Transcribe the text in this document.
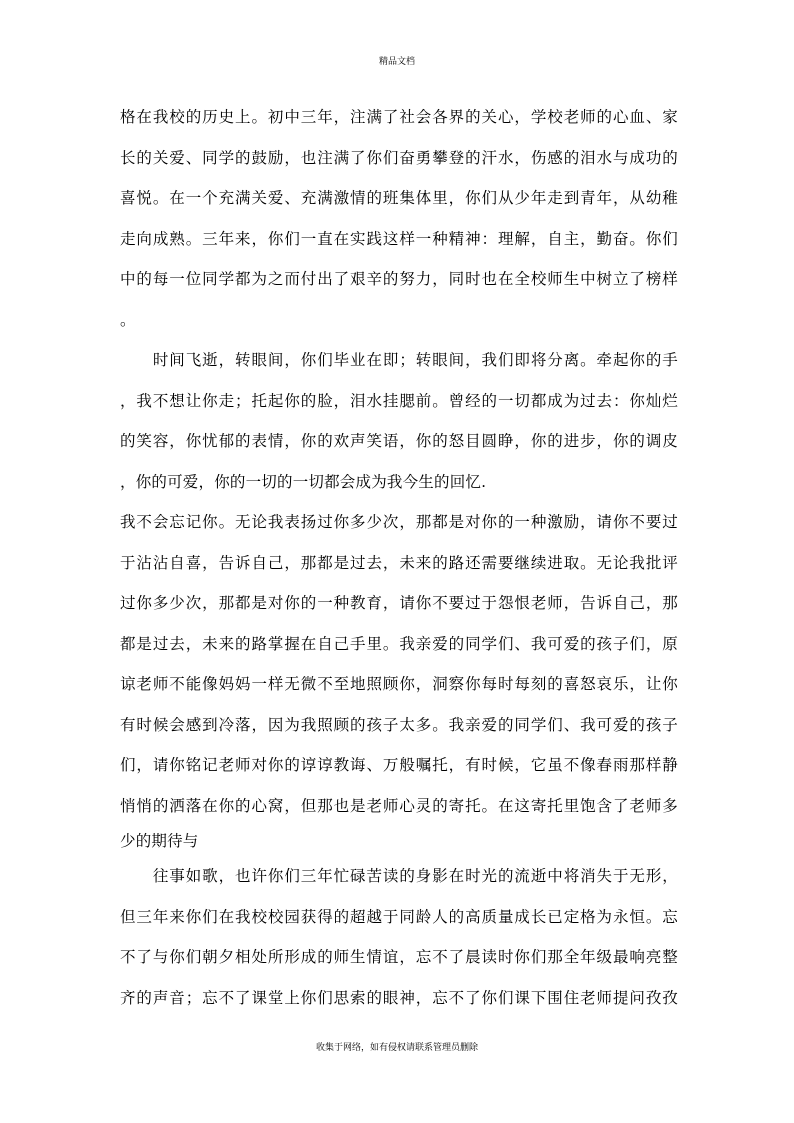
精品文档
格在我校的历史上。初中三年，注满了社会各界的关心，学校老师的心血、家
长的关爱、同学的鼓励，也注满了你们奋勇攀登的汗水，伤感的泪水与成功的
喜悦。在一个充满关爱、充满激情的班集体里，你们从少年走到青年，从幼稚
走向成熟。三年来，你们一直在实践这样一种精神：理解，自主，勤奋。你们
中的每一位同学都为之而付出了艰辛的努力，同时也在全校师生中树立了榜样
。
　　时间飞逝，转眼间，你们毕业在即；转眼间，我们即将分离。牵起你的手
，我不想让你走；托起你的脸，泪水挂腮前。曾经的一切都成为过去：你灿烂
的笑容，你忧郁的表情，你的欢声笑语，你的怒目圆睁，你的进步，你的调皮
，你的可爱，你的一切的一切都会成为我今生的回忆.
我不会忘记你。无论我表扬过你多少次，那都是对你的一种激励，请你不要过
于沾沾自喜，告诉自己，那都是过去，未来的路还需要继续进取。无论我批评
过你多少次，那都是对你的一种教育，请你不要过于怨恨老师，告诉自己，那
都是过去，未来的路掌握在自己手里。我亲爱的同学们、我可爱的孩子们，原
谅老师不能像妈妈一样无微不至地照顾你，洞察你每时每刻的喜怒哀乐，让你
有时候会感到冷落，因为我照顾的孩子太多。我亲爱的同学们、我可爱的孩子
们，请你铭记老师对你的谆谆教诲、万般嘱托，有时候，它虽不像春雨那样静
悄悄的洒落在你的心窝，但那也是老师心灵的寄托。在这寄托里饱含了老师多
少的期待与
　　往事如歌，也许你们三年忙碌苦读的身影在时光的流逝中将消失于无形，
但三年来你们在我校校园获得的超越于同龄人的高质量成长已定格为永恒。忘
不了与你们朝夕相处所形成的师生情谊，忘不了晨读时你们那全年级最响亮整
齐的声音；忘不了课堂上你们思索的眼神，忘不了你们课下围住老师提问孜孜
收集于网络，如有侵权请联系管理员删除
